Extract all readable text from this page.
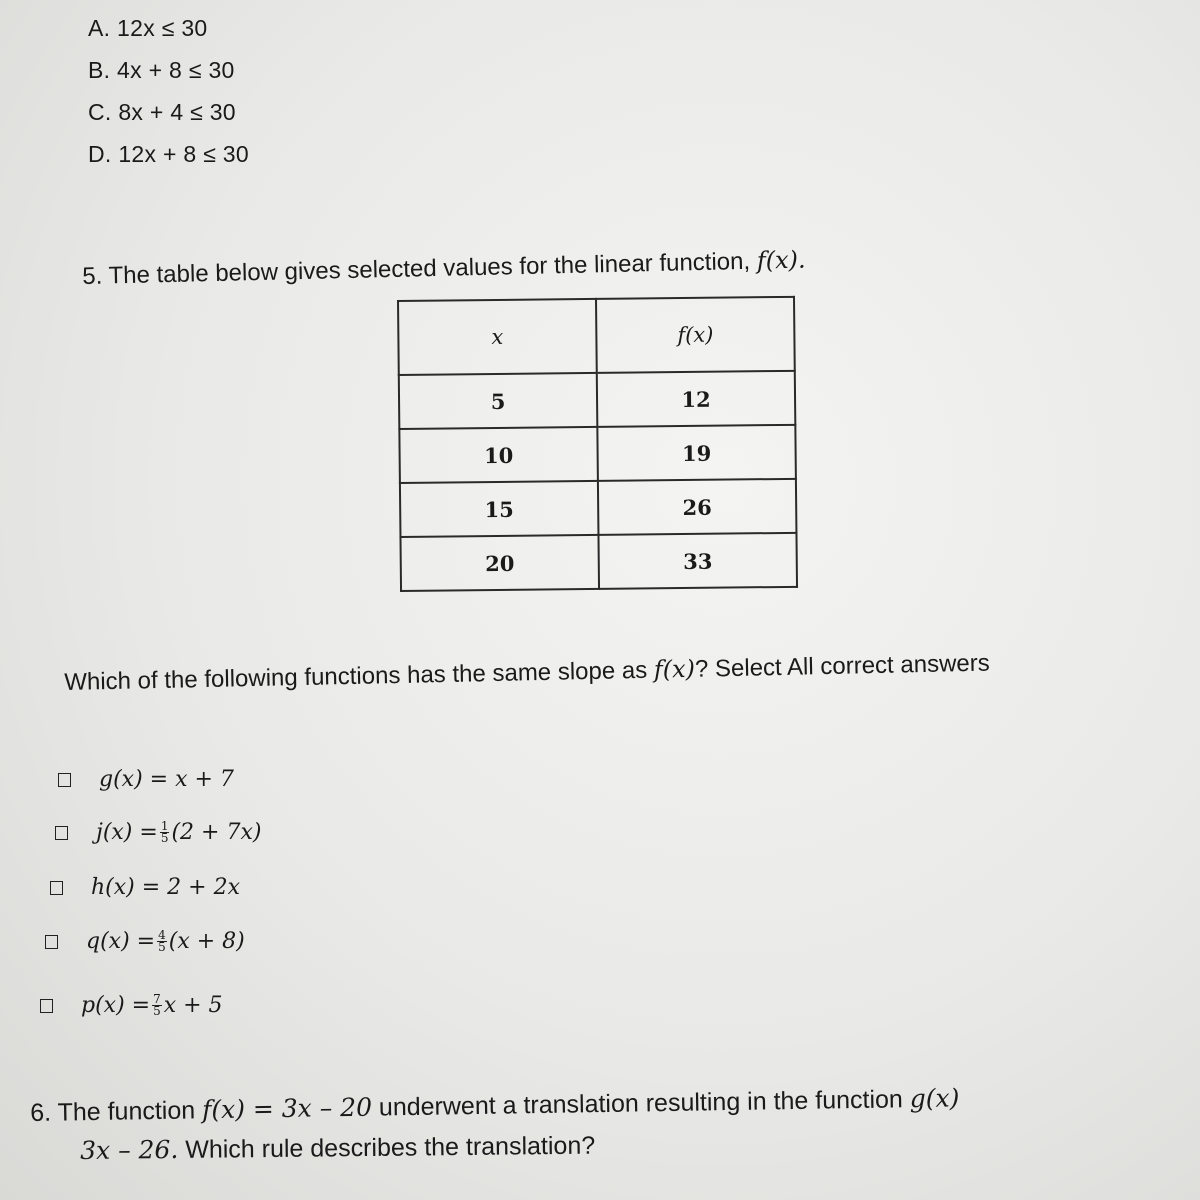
A. 12x ≤ 30
B. 4x + 8 ≤ 30
C. 8x + 4 ≤ 30
D. 12x + 8 ≤ 30
5. The table below gives selected values for the linear function, f(x).
x	f(x)
5	12
10	19
15	26
20	33
Which of the following functions has the same slope as f(x)? Select All correct answers
g(x) =
x + 7
$j(x) = \frac{1}{5} (2 + 7x)$
h(x) =
2 + 2x
$q(x) = \frac{4}{5} (x + 8)$
$p(x) = \frac{7}{5}$ x + 5
6. The function f(x) = 3x – 20 underwent a translation resulting in the function g(x)
3x – 26. Which rule describes the translation?
